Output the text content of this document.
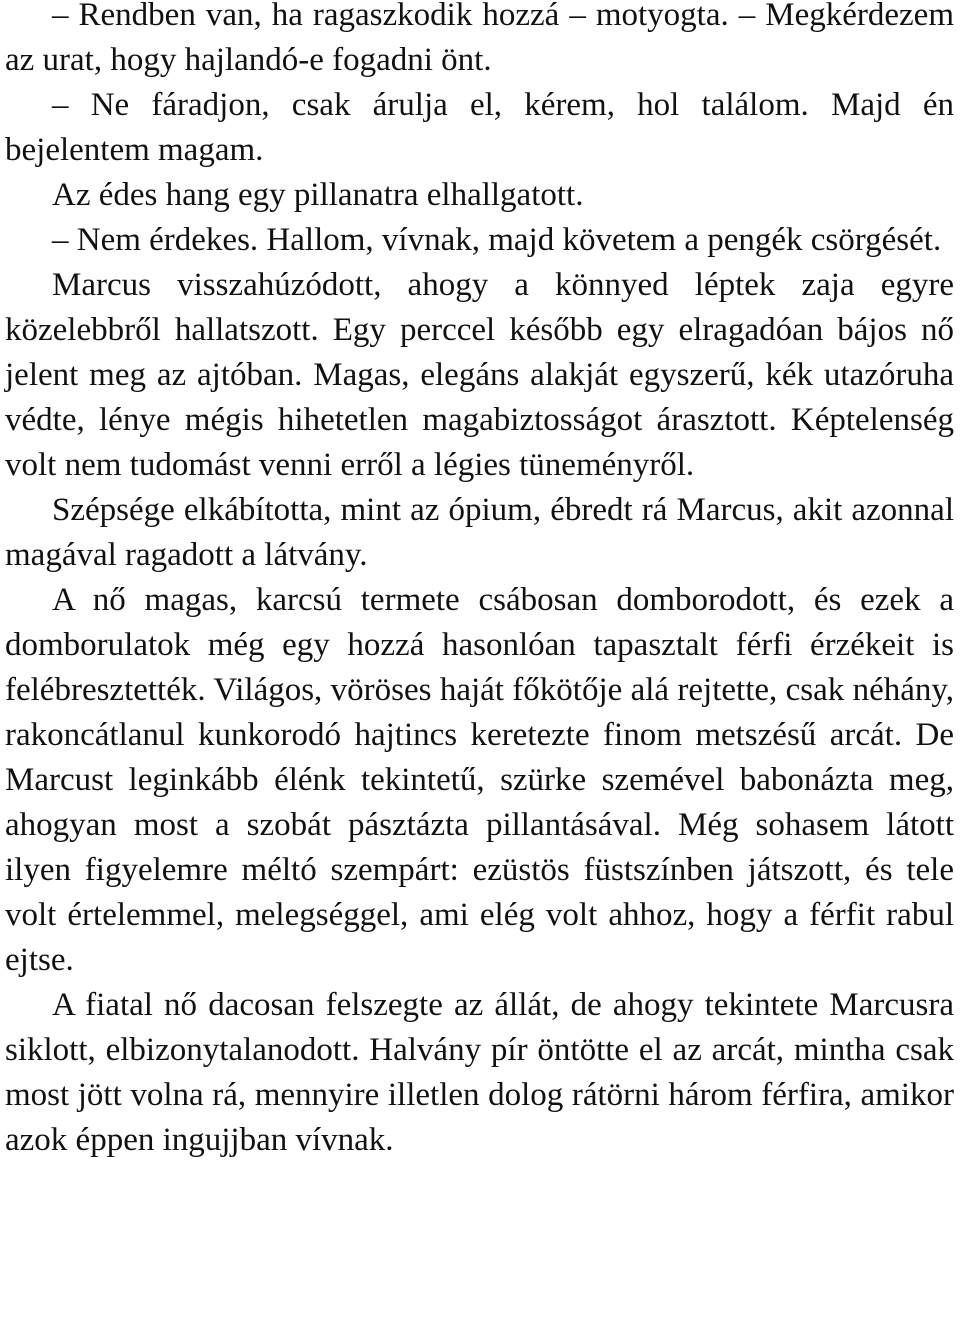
– Rendben van, ha ragaszkodik hozzá – motyogta. – Megkérdezem az urat, hogy hajlandó-e fogadni önt.

– Ne fáradjon, csak árulja el, kérem, hol találom. Majd én bejelentem magam.

Az édes hang egy pillanatra elhallgatott.

– Nem érdekes. Hallom, vívnak, majd követem a pengék csörgését.

Marcus visszahúzódott, ahogy a könnyed léptek zaja egyre közelebbről hallatszott. Egy perccel később egy elragadóan bájos nő jelent meg az ajtóban. Magas, elegáns alakját egyszerű, kék utazóruha védte, lénye mégis hihetetlen magabiztosságot árasztott. Képtelenség volt nem tudomást venni erről a légies tüneményről.

Szépsége elkábította, mint az ópium, ébredt rá Marcus, akit azonnal magával ragadott a látvány.

A nő magas, karcsú termete csábosan domborodott, és ezek a domborulatok még egy hozzá hasonlóan tapasztalt férfi érzékeit is felébresztették. Világos, vöröses haját főkötője alá rejtette, csak néhány, rakoncátlanul kunkorodó hajtincs keretezte finom metszésű arcát. De Marcust leginkább élénk tekintetű, szürke szemével babonázta meg, ahogyan most a szobát pásztázta pillantásával. Még sohasem látott ilyen figyelemre méltó szempárt: ezüstös füstszínben játszott, és tele volt értelemmel, melegséggel, ami elég volt ahhoz, hogy a férfit rabul ejtse.

A fiatal nő dacosan felszegte az állát, de ahogy tekintete Marcusra siklott, elbizonytalanodott. Halvány pír öntötte el az arcát, mintha csak most jött volna rá, mennyire illetlen dolog rátörni három férfira, amikor azok éppen ingujjban vívnak.
